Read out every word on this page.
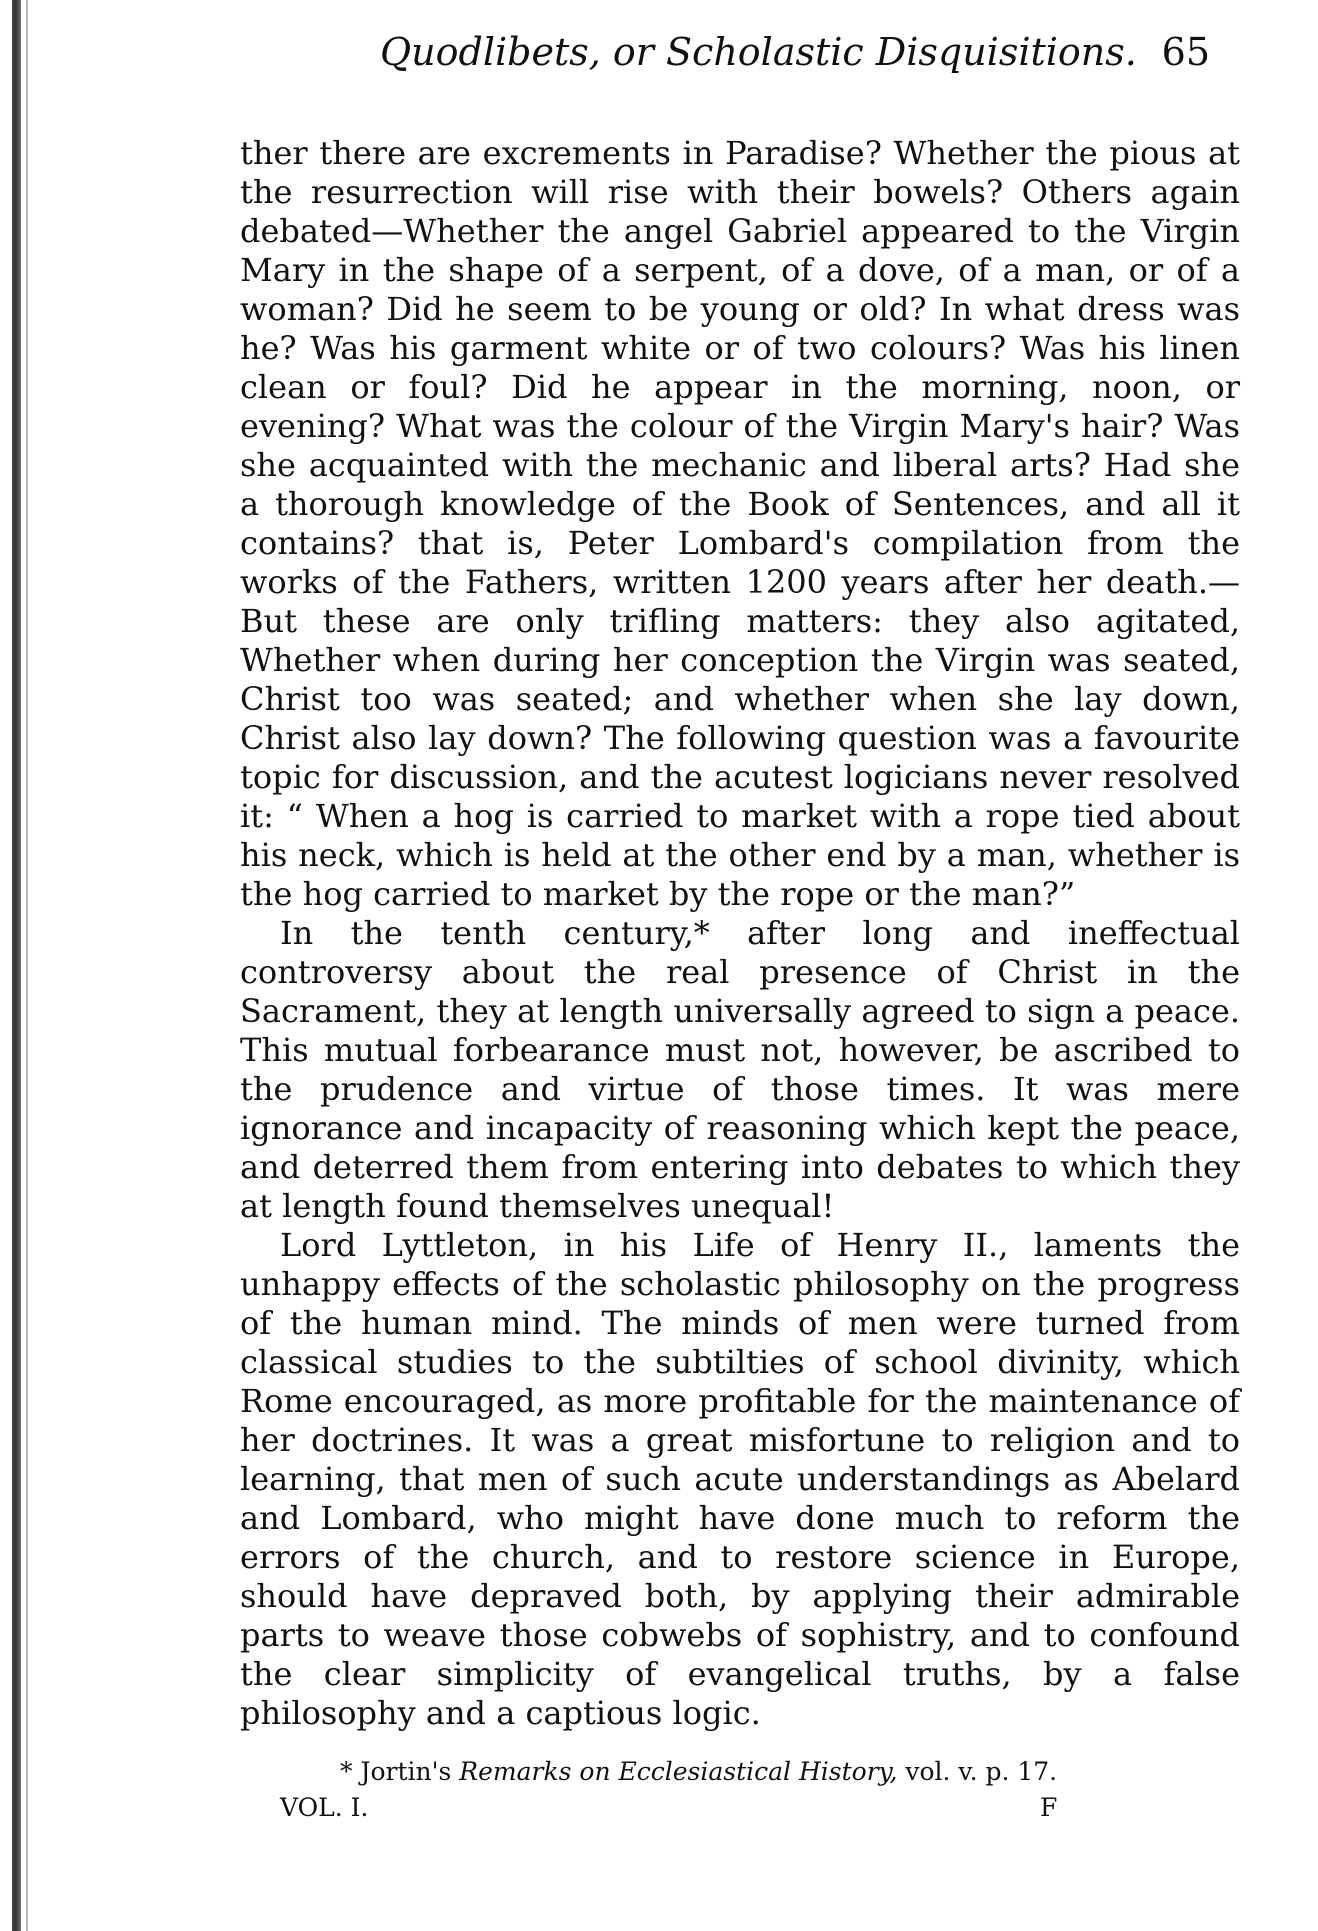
Quodlibets, or Scholastic Disquisitions. 65

ther there are excrements in Paradise? Whether the pious at the resurrection will rise with their bowels? Others again debated—Whether the angel Gabriel appeared to the Virgin Mary in the shape of a serpent, of a dove, of a man, or of a woman? Did he seem to be young or old? In what dress was he? Was his garment white or of two colours? Was his linen clean or foul? Did he appear in the morning, noon, or evening? What was the colour of the Virgin Mary's hair? Was she acquainted with the mechanic and liberal arts? Had she a thorough knowledge of the Book of Sentences, and all it contains? that is, Peter Lombard's compilation from the works of the Fathers, written 1200 years after her death.—But these are only trifling matters: they also agitated, Whether when during her conception the Virgin was seated, Christ too was seated; and whether when she lay down, Christ also lay down? The following question was a favourite topic for discussion, and the acutest logicians never resolved it: “ When a hog is carried to market with a rope tied about his neck, which is held at the other end by a man, whether is the hog carried to market by the rope or the man?”

In the tenth century,* after long and ineffectual controversy about the real presence of Christ in the Sacrament, they at length universally agreed to sign a peace. This mutual forbearance must not, however, be ascribed to the prudence and virtue of those times. It was mere ignorance and incapacity of reasoning which kept the peace, and deterred them from entering into debates to which they at length found themselves unequal!

Lord Lyttleton, in his Life of Henry II., laments the unhappy effects of the scholastic philosophy on the progress of the human mind. The minds of men were turned from classical studies to the subtilties of school divinity, which Rome encouraged, as more profitable for the maintenance of her doctrines. It was a great misfortune to religion and to learning, that men of such acute understandings as Abelard and Lombard, who might have done much to reform the errors of the church, and to restore science in Europe, should have depraved both, by applying their admirable parts to weave those cobwebs of sophistry, and to confound the clear simplicity of evangelical truths, by a false philosophy and a captious logic.

* Jortin's Remarks on Ecclesiastical History, vol. v. p. 17.
VOL. I.	F
